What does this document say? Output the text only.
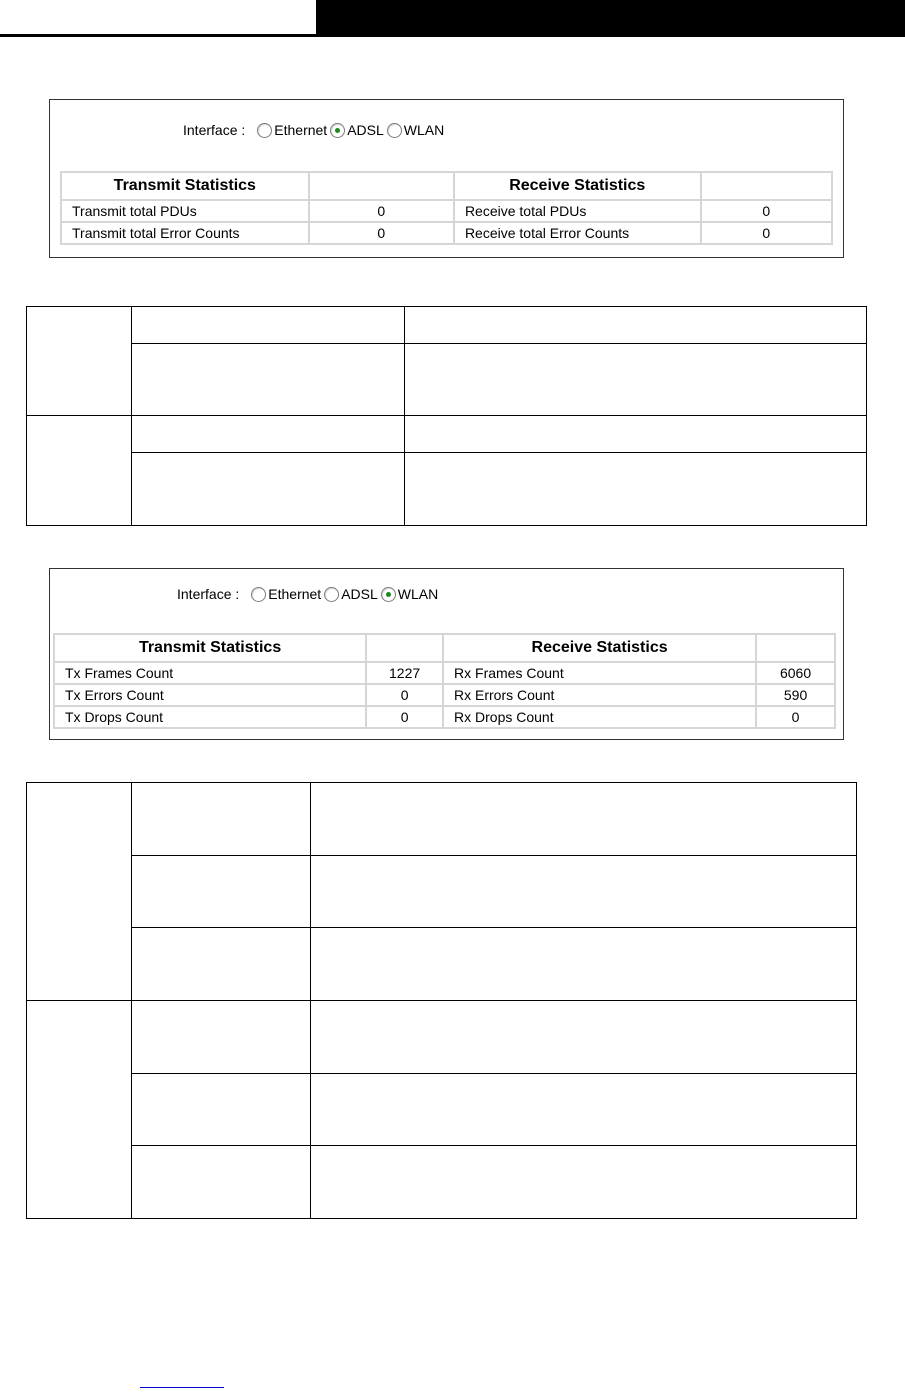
Interface : Ethernet ADSL WLAN
Transmit Statistics		Receive Statistics	
Transmit total PDUs	0	Receive total PDUs	0
Transmit total Error Counts	0	Receive total Error Counts	0

Interface : Ethernet ADSL WLAN
Transmit Statistics		Receive Statistics	
Tx Frames Count	1227	Rx Frames Count	6060
Tx Errors Count	0	Rx Errors Count	590
Tx Drops Count	0	Rx Drops Count	0
